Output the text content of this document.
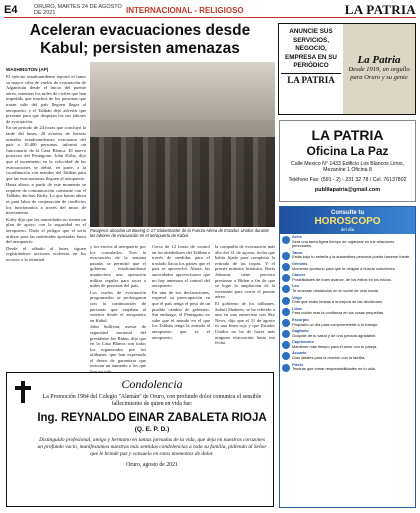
E4	ORURO, MARTES 24 DE AGOSTO DE 2021	INTERNACIONAL - RELIGIOSO	LA PATRIA
Aceleran evacuaciones desde Kabul; persisten amenazas
WASHINGTON (AP)
Pasajeros abordan un Boeing C-17 Globemaster de la Fuerza Aérea de Estados Unidos durante las labores de evacuación en el aeropuerto de Kabul.

El ejército estadounidense reportó el lunes su mayor cifra de vuelos de evacuación de Afganistán desde el inicio del puente aéreo, mientras los miles de civiles que han impedido que muchos de los personas que tratan salir del país lleguen llegar al aeropuerto, y el Talibán dejó advertir que presente para que despejan los sus labores de evacuación.

En un periodo de 24 horas que concluyó la tarde del lunes, 28 aviones de fuerzas armadas estadounidenses evacuaron del país a 10.400 personas, informó un funcionario de la Casa Blanca. El nuevo portavoz del Pentágono, John Kirby, dijo que el incremento en la velocidad de las evacuaciones se debió, en parte, a la coordinación con mandos del Talibán para que las evacuaciones lleguen al aeropuerto.

Hasta ahora, a partir de este momento se requiere de comunicación constante con el Talibán, declaró Kirby. Lo que hacen ahora es para labor de cooperación de conflictos los funcionarios a través del muro de movimiento.

Kirby dijo que las autoridades no tienen un plan de apoyo con la seguridad en el aeropuerto. Dado el peligro que el sería utilizar para las multitudes apostadas fuera del aeropuerto.

Desde el sábado al lunes siguen registrándose acciones violentas en los accesos a la terminal.

y los envíos al aeropuerto por los consulados. Tras la evacuación de la semana pasada, se permitió que el gobierno estadounidense mantuviera una operación militar regular para sacar a miles de personas del país.

Los vuelos de evacuación programados se prolongaron con la continuación de personas que viajaban al exterior desde el aeropuerto en Kabul.

John Sullivan, asesor de seguridad nacional del presidente Joe Biden, dijo que en la Casa Blanca son todos los organizados por los talibanes, que han expresado el deseo de garantizar que evacuar un aumento a los que buscan salir.

Cerca de 12 horas de control en los alrededores del Talibán a través de medidas para el traslado hacia los países que el país se aprovechó. Ahora, las autoridades aprovecharon que no hay amenaza al control del aeropuerto.

En una de sus declaraciones, expresó su preocupación en que el país tenga el peso de un posible cambio de gobierno. Sin embargo, el Pentágono no sabe que el mundo en el que los Talibán tenga la entrada al aeropuerto que es el aeropuerto.

la compañía de evacuación más alta del 31 de agosto, fecha que había fijado para completar la retirada de las tropas. Y el primer ministro británico, Boris Johnson, tiene previsto presionar a Biden a fin de que se logre la ampliación de la extensión para cerrar el puente aéreo.

El gobierno de los talibanes, Sohail Shaheen, se ha referido a una en una entrevista con Sky News, dijo que el 31 de agosto es una línea roja y que Estados Unidos no ha de hacer más ninguna evacuación hasta esa fecha.

ANUNCIE SUS SERVICIOS, NEGOCIO, EMPRESA EN SU PERIÓDICO
LA PATRIA
La Patria
Desde 1919, un orgullo para Oruro y su gente
LA PATRIA
Oficina La Paz
Calle Mexico N° 1433 Edificio Los Blancos Lirios, Mezanine 1 Oficina 8
Teléfono Fax: (591 - 2) - 231 32 78 / Cel. 76137802
publilapatria@gmail.com
Consulte tu
HOROSCOPO
del día
Aries
Será una tarea ligera tiempo de organizar en tus relaciones personales.
Tauro
Estás bajo tu estrella y la autoestima personal puede hacerse fuerte.
Géminis
Momento oportuno para que te obligue a buscar soluciones.
Cáncer
Posibilidades de buen avance, de los éxitos en los inicios.
Leo
Te cruzarán obstáculos en la noche de vida social.
Virgo
Días que estén tensas a la mejora de las decisiones.
Libra
Para cuidar más la confianza en las cosas pequeñas.
Escorpio
Propósito un día para comprometerte a tu trabajo.
Sagitario
Ocúpate de tu salud y de una jornada agradable.
Capricornio
Mantener más tiempo para el amor con tu pareja.
Acuario
Días ideales para la reunión con la familia.
Piscis
Tendrás que tomar responsabilidades en tu vida.
Condolencia
La Promoción 1984 del Colegio "Alemán" de Oruro, con profundo dolor comunica el sensible fallecimiento de quien en vida fue:
Ing. REYNALDO EINAR ZABALETA RIOJA
(Q. E. P. D.)
Distinguido profesional, amigo y hermano en tantas jornadas de la vida, que deja en nuestros corazones un profundo vacío, manifestamos nuestras más sentidas condolencias a toda su familia, pidiendo al Señor que le brinde paz y consuelo en estos momentos de dolor.
Oruro, agosto de 2021
